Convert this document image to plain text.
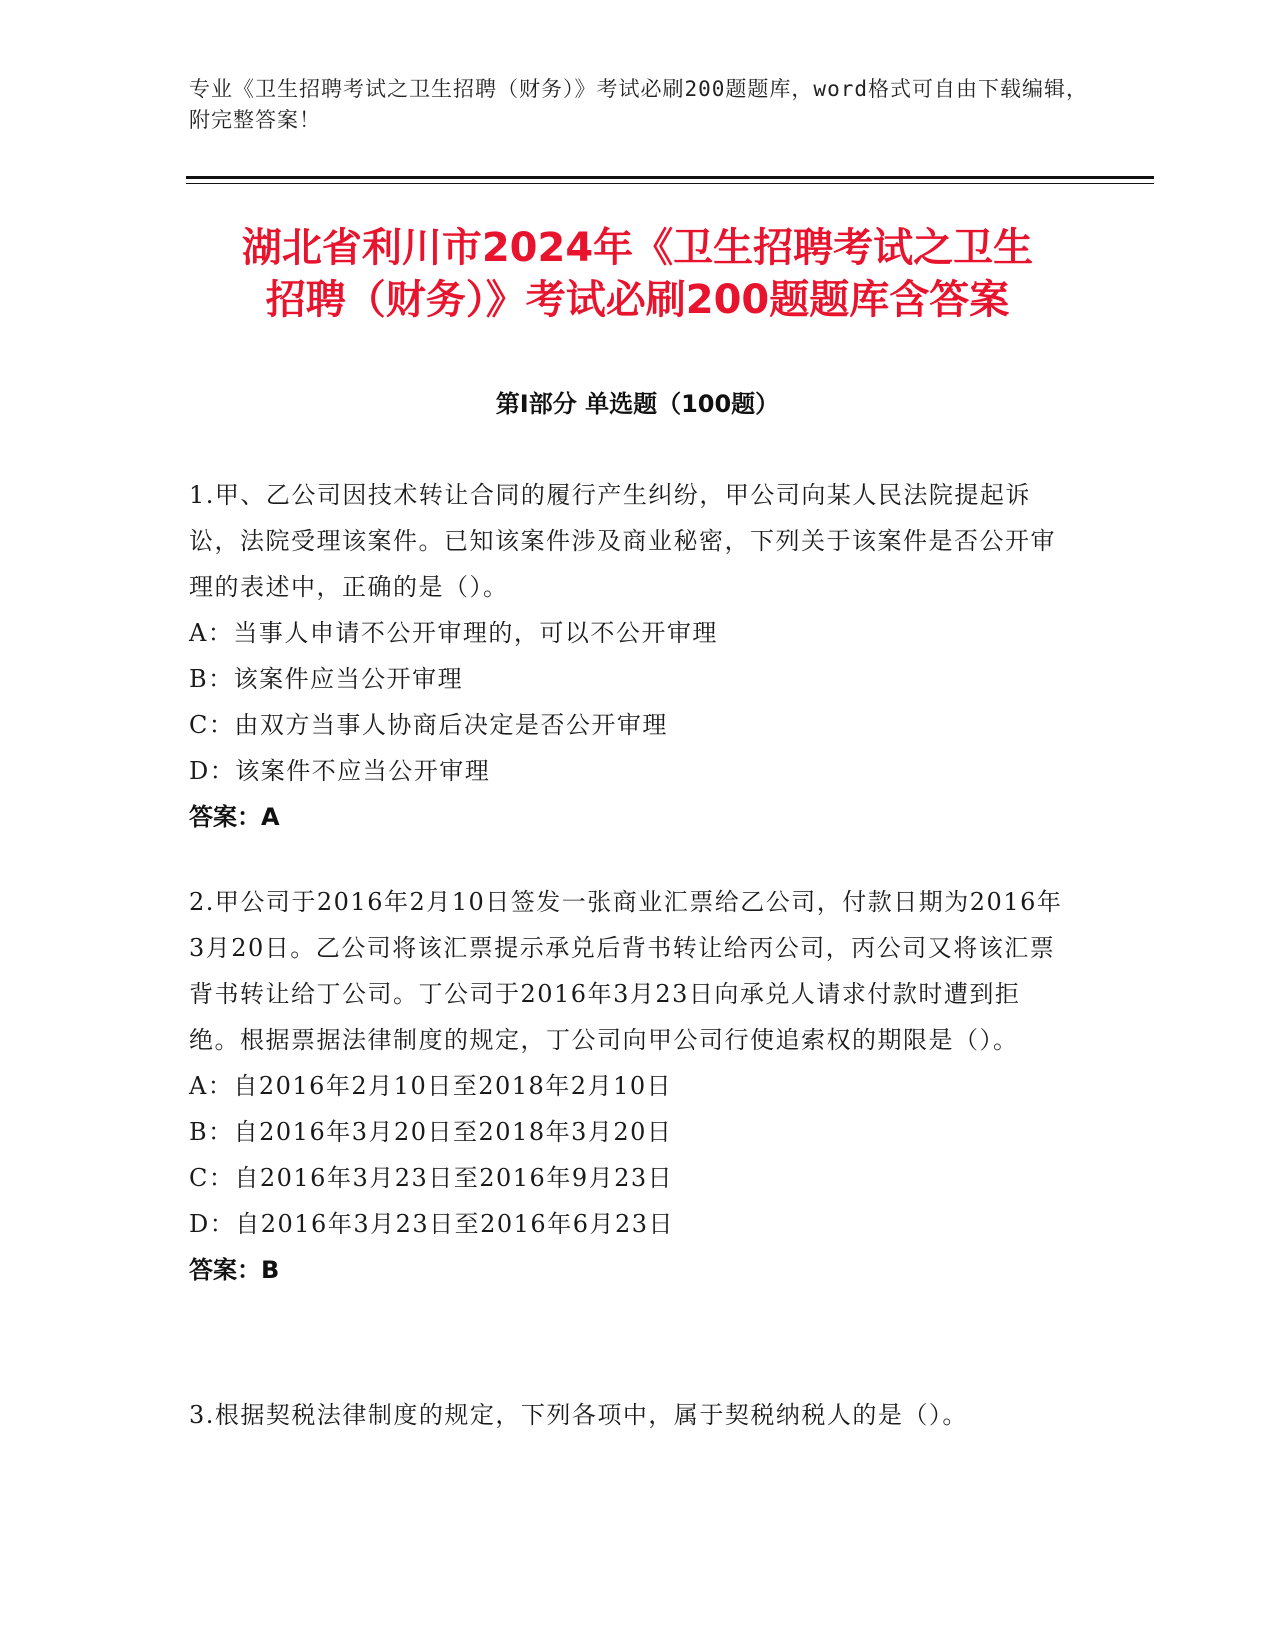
专业《卫生招聘考试之卫生招聘（财务）》考试必刷200题题库，word格式可自由下载编辑，附完整答案！
湖北省利川市2024年《卫生招聘考试之卫生
招聘（财务）》考试必刷200题题库含答案
第I部分 单选题（100题）
1.甲、乙公司因技术转让合同的履行产生纠纷，甲公司向某人民法院提起诉讼，法院受理该案件。已知该案件涉及商业秘密，下列关于该案件是否公开审理的表述中，正确的是（）。
A：当事人申请不公开审理的，可以不公开审理
B：该案件应当公开审理
C：由双方当事人协商后决定是否公开审理
D：该案件不应当公开审理
答案：A
2.甲公司于2016年2月10日签发一张商业汇票给乙公司，付款日期为2016年3月20日。乙公司将该汇票提示承兑后背书转让给丙公司，丙公司又将该汇票背书转让给丁公司。丁公司于2016年3月23日向承兑人请求付款时遭到拒绝。根据票据法律制度的规定，丁公司向甲公司行使追索权的期限是（）。
A：自2016年2月10日至2018年2月10日
B：自2016年3月20日至2018年3月20日
C：自2016年3月23日至2016年9月23日
D：自2016年3月23日至2016年6月23日
答案：B
3.根据契税法律制度的规定，下列各项中，属于契税纳税人的是（）。
